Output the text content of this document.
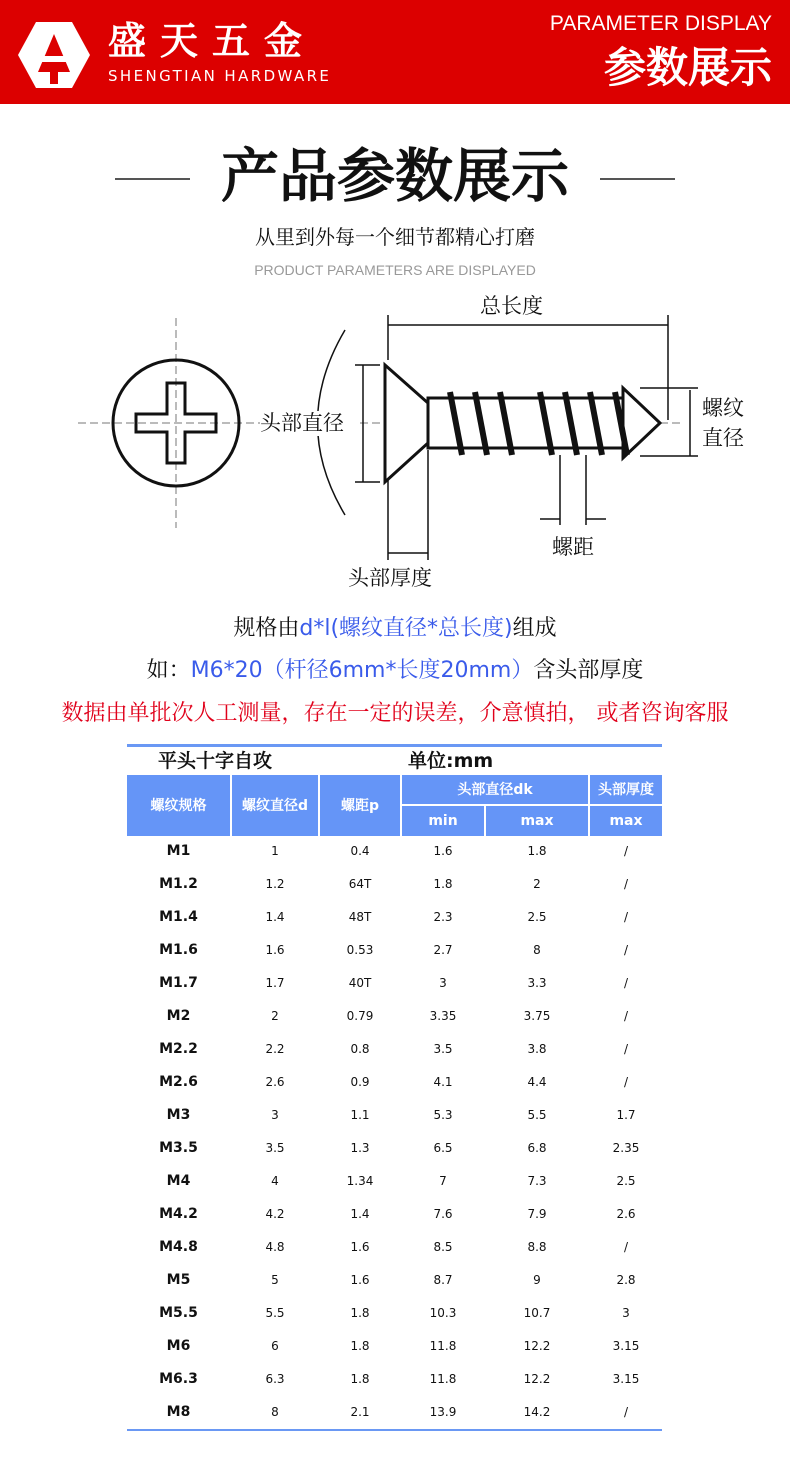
盛天五金
SHENGTIAN HARDWARE
PARAMETER DISPLAY
参数展示
产品参数展示
从里到外每一个细节都精心打磨
PRODUCT PARAMETERS ARE DISPLAYED
总长度
头部直径
螺纹
直径
螺距
头部厚度
规格由d*l(螺纹直径*总长度)组成
如：M6*20（杆径6mm*长度20mm）含头部厚度
数据由单批次人工测量，存在一定的误差，介意慎拍， 或者咨询客服
平头十字自攻	单位:mm
螺纹规格	螺纹直径d	螺距p
头部直径dk	头部厚度
min	max	max
M1	1	0.4	1.6	1.8	/
M1.2	1.2	64T	1.8	2	/
M1.4	1.4	48T	2.3	2.5	/
M1.6	1.6	0.53	2.7	8	/
M1.7	1.7	40T	3	3.3	/
M2	2	0.79	3.35	3.75	/
M2.2	2.2	0.8	3.5	3.8	/
M2.6	2.6	0.9	4.1	4.4	/
M3	3	1.1	5.3	5.5	1.7
M3.5	3.5	1.3	6.5	6.8	2.35
M4	4	1.34	7	7.3	2.5
M4.2	4.2	1.4	7.6	7.9	2.6
M4.8	4.8	1.6	8.5	8.8	/
M5	5	1.6	8.7	9	2.8
M5.5	5.5	1.8	10.3	10.7	3
M6	6	1.8	11.8	12.2	3.15
M6.3	6.3	1.8	11.8	12.2	3.15
M8	8	2.1	13.9	14.2	/
